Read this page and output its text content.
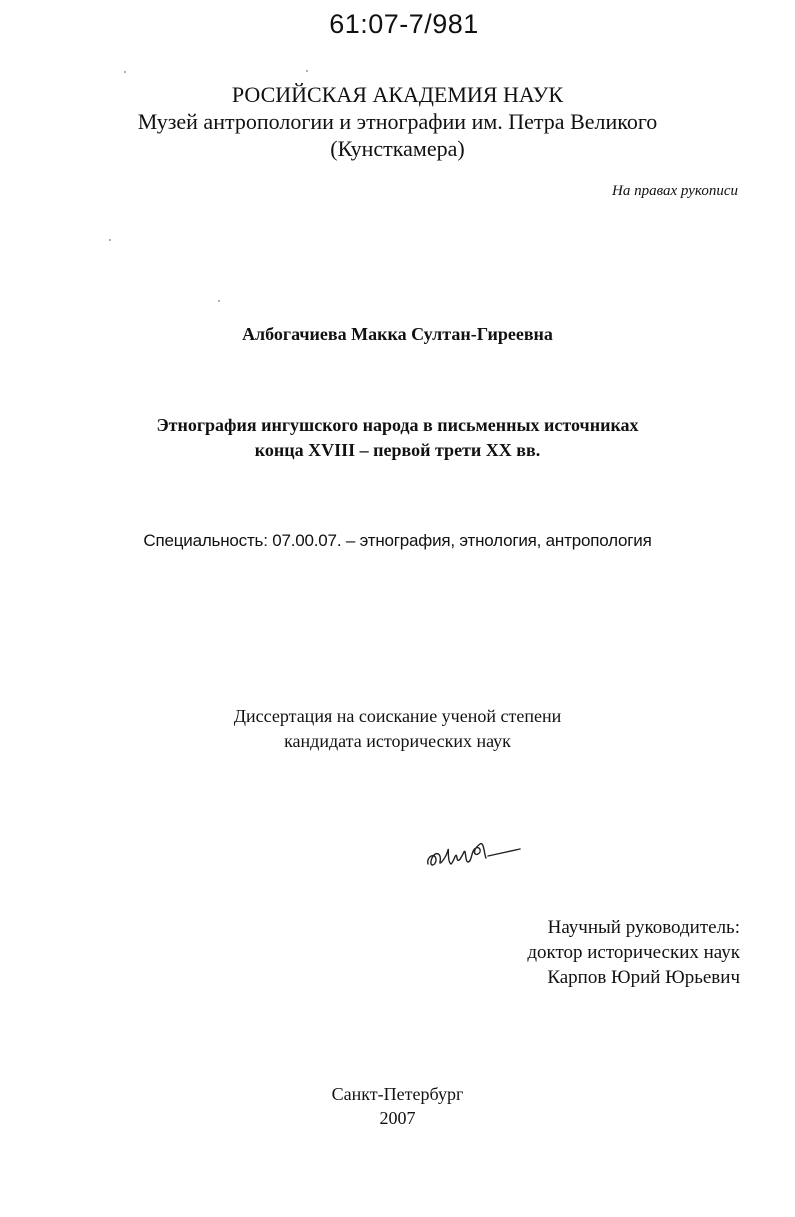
61:07-7/981
РОСИЙСКАЯ АКАДЕМИЯ НАУК
Музей антропологии и этнографии им. Петра Великого
(Кунсткамера)
На правах рукописи
Албогачиева Макка Султан-Гиреевна
Этнография ингушского народа в письменных источниках
конца XVIII – первой трети XX вв.
Специальность: 07.00.07. – этнография, этнология, антропология
Диссертация на соискание ученой степени
кандидата исторических наук
Научный руководитель:
доктор исторических наук
Карпов Юрий Юрьевич
Санкт-Петербург
2007
